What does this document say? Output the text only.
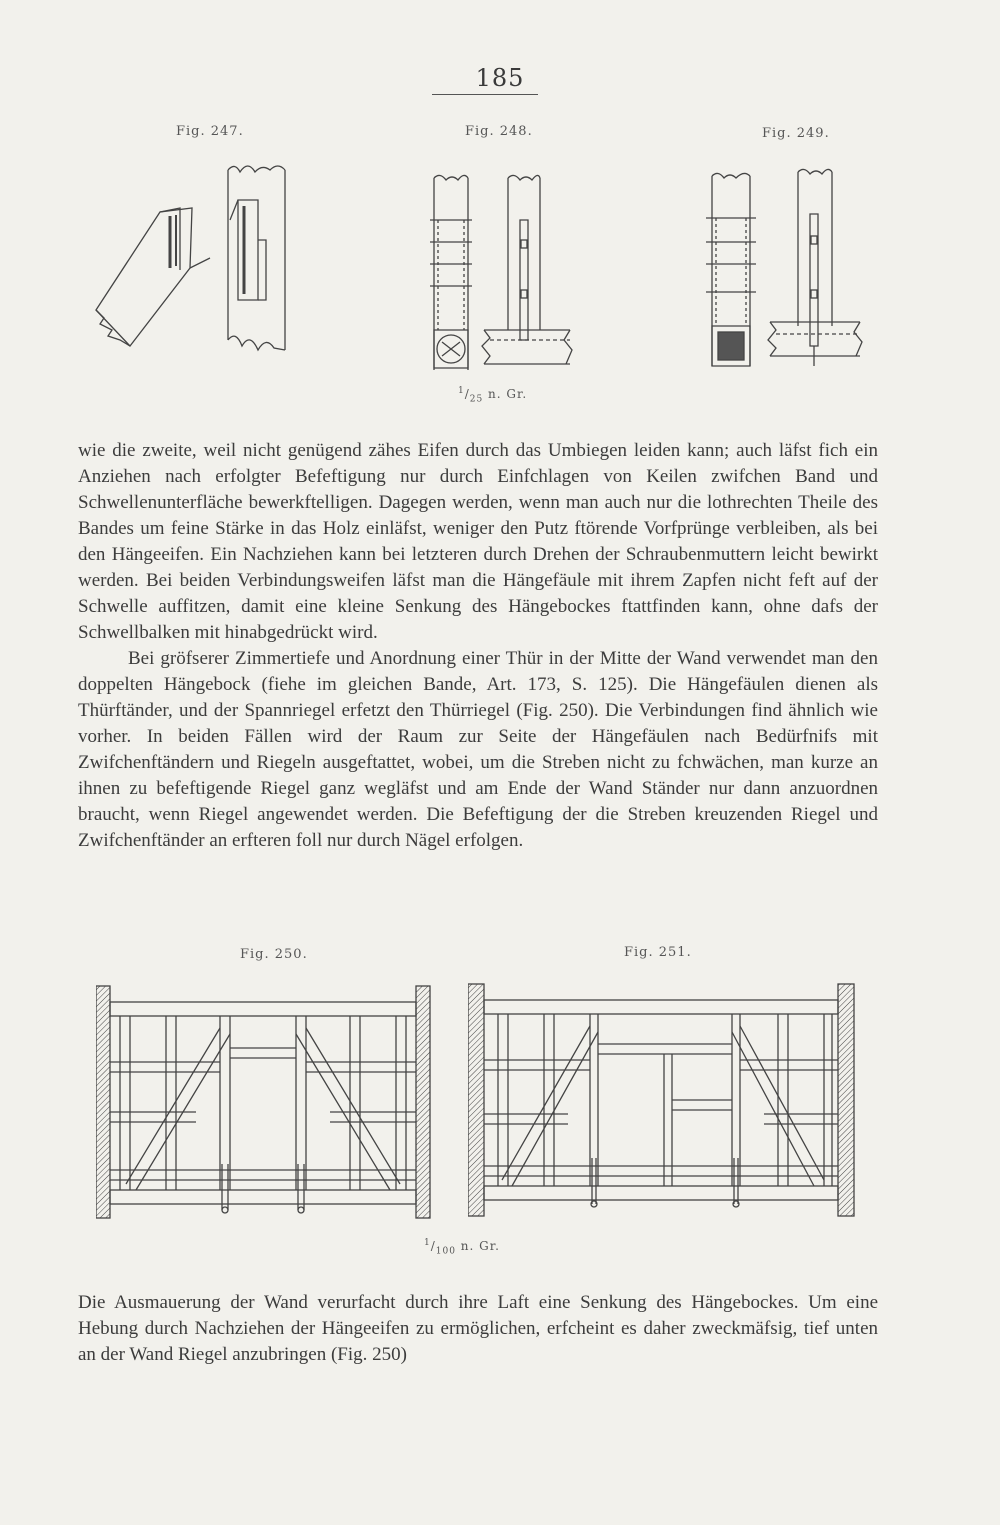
185
Fig. 247.	Fig. 248.	Fig. 249.
$^1/_{25}$ n. Gr.

wie die zweite, weil nicht genügend zähes Eifen durch das Umbiegen leiden kann; auch läfst fich ein Anziehen nach erfolgter Befeftigung nur durch Einfchlagen von Keilen zwifchen Band und Schwellenunterfläche bewerkftelligen. Dagegen werden, wenn man auch nur die lothrechten Theile des Bandes um feine Stärke in das Holz einläfst, weniger den Putz ftörende Vorfprünge verbleiben, als bei den Hängeeifen. Ein Nachziehen kann bei letzteren durch Drehen der Schraubenmuttern leicht bewirkt werden. Bei beiden Verbindungsweifen läfst man die Hängefäule mit ihrem Zapfen nicht feft auf der Schwelle auffitzen, damit eine kleine Senkung des Hängebockes ftattfinden kann, ohne dafs der Schwellbalken mit hinabgedrückt wird.

Bei gröfserer Zimmertiefe und Anordnung einer Thür in der Mitte der Wand verwendet man den doppelten Hängebock (fiehe im gleichen Bande, Art. 173, S. 125). Die Hängefäulen dienen als Thürftänder, und der Spannriegel erfetzt den Thürriegel (Fig. 250). Die Verbindungen find ähnlich wie vorher. In beiden Fällen wird der Raum zur Seite der Hängefäulen nach Bedürfnifs mit Zwifchenftändern und Riegeln ausgeftattet, wobei, um die Streben nicht zu fchwächen, man kurze an ihnen zu befeftigende Riegel ganz wegläfst und am Ende der Wand Ständer nur dann anzuordnen braucht, wenn Riegel angewendet werden. Die Befeftigung der die Streben kreuzenden Riegel und Zwifchenftänder an erfteren foll nur durch Nägel erfolgen.

Fig. 250.	Fig. 251.
$^1/_{100}$ n. Gr.

Die Ausmauerung der Wand verurfacht durch ihre Laft eine Senkung des Hängebockes. Um eine Hebung durch Nachziehen der Hängeeifen zu ermöglichen, erfcheint es daher zweckmäfsig, tief unten an der Wand Riegel anzubringen (Fig. 250)
